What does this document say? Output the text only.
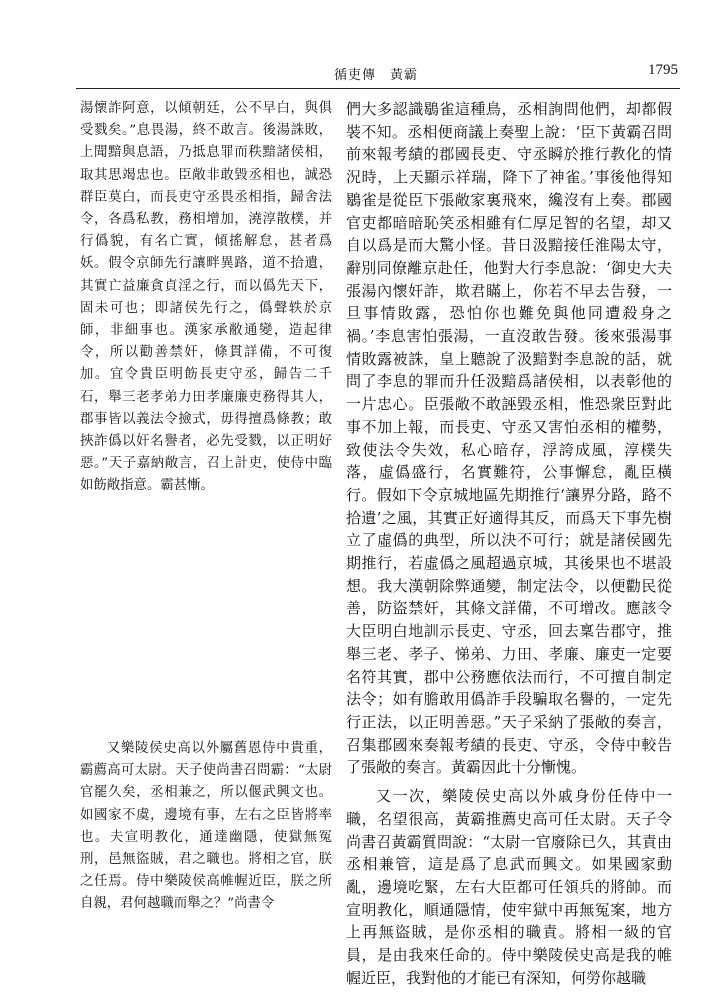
循吏傳　黃霸	1795

湯懷詐阿意，以傾朝廷，公不早白，與俱受戮矣。”息畏湯，終不敢言。後湯誅敗，上聞黯與息語，乃抵息罪而秩黯諸侯相，取其思竭忠也。臣敞非敢毀丞相也，誠恐群臣莫白，而長吏守丞畏丞相指，歸舍法令，各爲私教，務相增加，澆淳散樸，并行僞貌，有名亡實，傾搖解怠，甚者爲妖。假令京師先行讓畔異路，道不拾遺，其實亡益廉貪貞淫之行，而以僞先天下，固未可也；即諸侯先行之，僞聲轶於京師，非細事也。漢家承敝通變，造起律令，所以勸善禁奸，條貫詳備，不可復加。宜令貴臣明飭長吏守丞，歸告二千石，舉三老孝弟力田孝廉廉吏務得其人，郡事皆以義法令撿式，毋得擅爲條教；敢挾詐僞以奸名譽者，必先受戮，以正明好惡。”天子嘉納敞言，召上計吏，使侍中臨如飭敞指意。霸甚慚。

又樂陵侯史高以外屬舊恩侍中貴重，霸薦高可太尉。天子使尚書召問霸：“太尉官罷久矣，丞相兼之，所以偃武興文也。如國家不虞，邊境有事，左右之臣皆將率也。夫宣明教化，通達幽隱，使獄無冤刑，邑無盜賊，君之職也。將相之官，朕之任焉。侍中樂陵侯高帷幄近臣，朕之所自親，君何越職而舉之？”尚書令

們大多認識鶡雀這種鳥，丞相詢問他們，却都假裝不知。丞相便商議上奏聖上說：‘臣下黃霸召問前來報考績的郡國長吏、守丞瞬於推行教化的情況時，上天顯示祥瑞，降下了神雀。’事後他得知鶡雀是從臣下張敞家裏飛來，纔沒有上奏。郡國官吏都暗暗恥笑丞相雖有仁厚足智的名望，却又自以爲是而大驚小怪。昔日汲黯接任淮陽太守，辭別同僚離京赴任，他對大行李息說：‘御史大夫張湯內懷奸詐，欺君瞞上，你若不早去告發，一旦事情敗露，恐怕你也難免與他同遭殺身之禍。’李息害怕張湯，一直沒敢告發。後來張湯事情敗露被誅，皇上聽說了汲黯對李息說的話，就問了李息的罪而升任汲黯爲諸侯相，以表彰他的一片忠心。臣張敞不敢誣毀丞相，惟恐衆臣對此事不加上報，而長吏、守丞又害怕丞相的權勢，致使法令失效，私心暗存，浮誇成風，淳樸失落，虛僞盛行，名實難符，公事懈怠，亂臣橫行。假如下令京城地區先期推行‘讓界分路，路不拾遺’之風，其實正好適得其反，而爲天下事先樹立了虛僞的典型，所以決不可行；就是諸侯國先期推行，若虛僞之風超過京城，其後果也不堪設想。我大漢朝除弊通變，制定法令，以便勸民從善，防盜禁奸，其條文詳備，不可增改。應該令大臣明白地訓示長吏、守丞，回去稟告郡守，推舉三老、孝子、悌弟、力田、孝廉、廉吏一定要名符其實，郡中公務應依法而行，不可擅自制定法令；如有膽敢用僞詐手段騙取名譽的，一定先行正法，以正明善惡。”天子采納了張敞的奏言，召集郡國來奏報考績的長吏、守丞，令侍中較告了張敞的奏言。黃霸因此十分慚愧。

又一次，樂陵侯史高以外戚身份任侍中一職，名望很高，黃霸推薦史高可任太尉。天子令尚書召黃霸質問說：“太尉一官廢除已久，其責由丞相兼管，這是爲了息武而興文。如果國家動亂，邊境吃緊，左右大臣都可任領兵的將帥。而宣明教化，順通隱情，使牢獄中再無冤案，地方上再無盜賊，是你丞相的職責。將相一級的官員，是由我來任命的。侍中樂陵侯史高是我的帷幄近臣，我對他的才能已有深知，何勞你越職
